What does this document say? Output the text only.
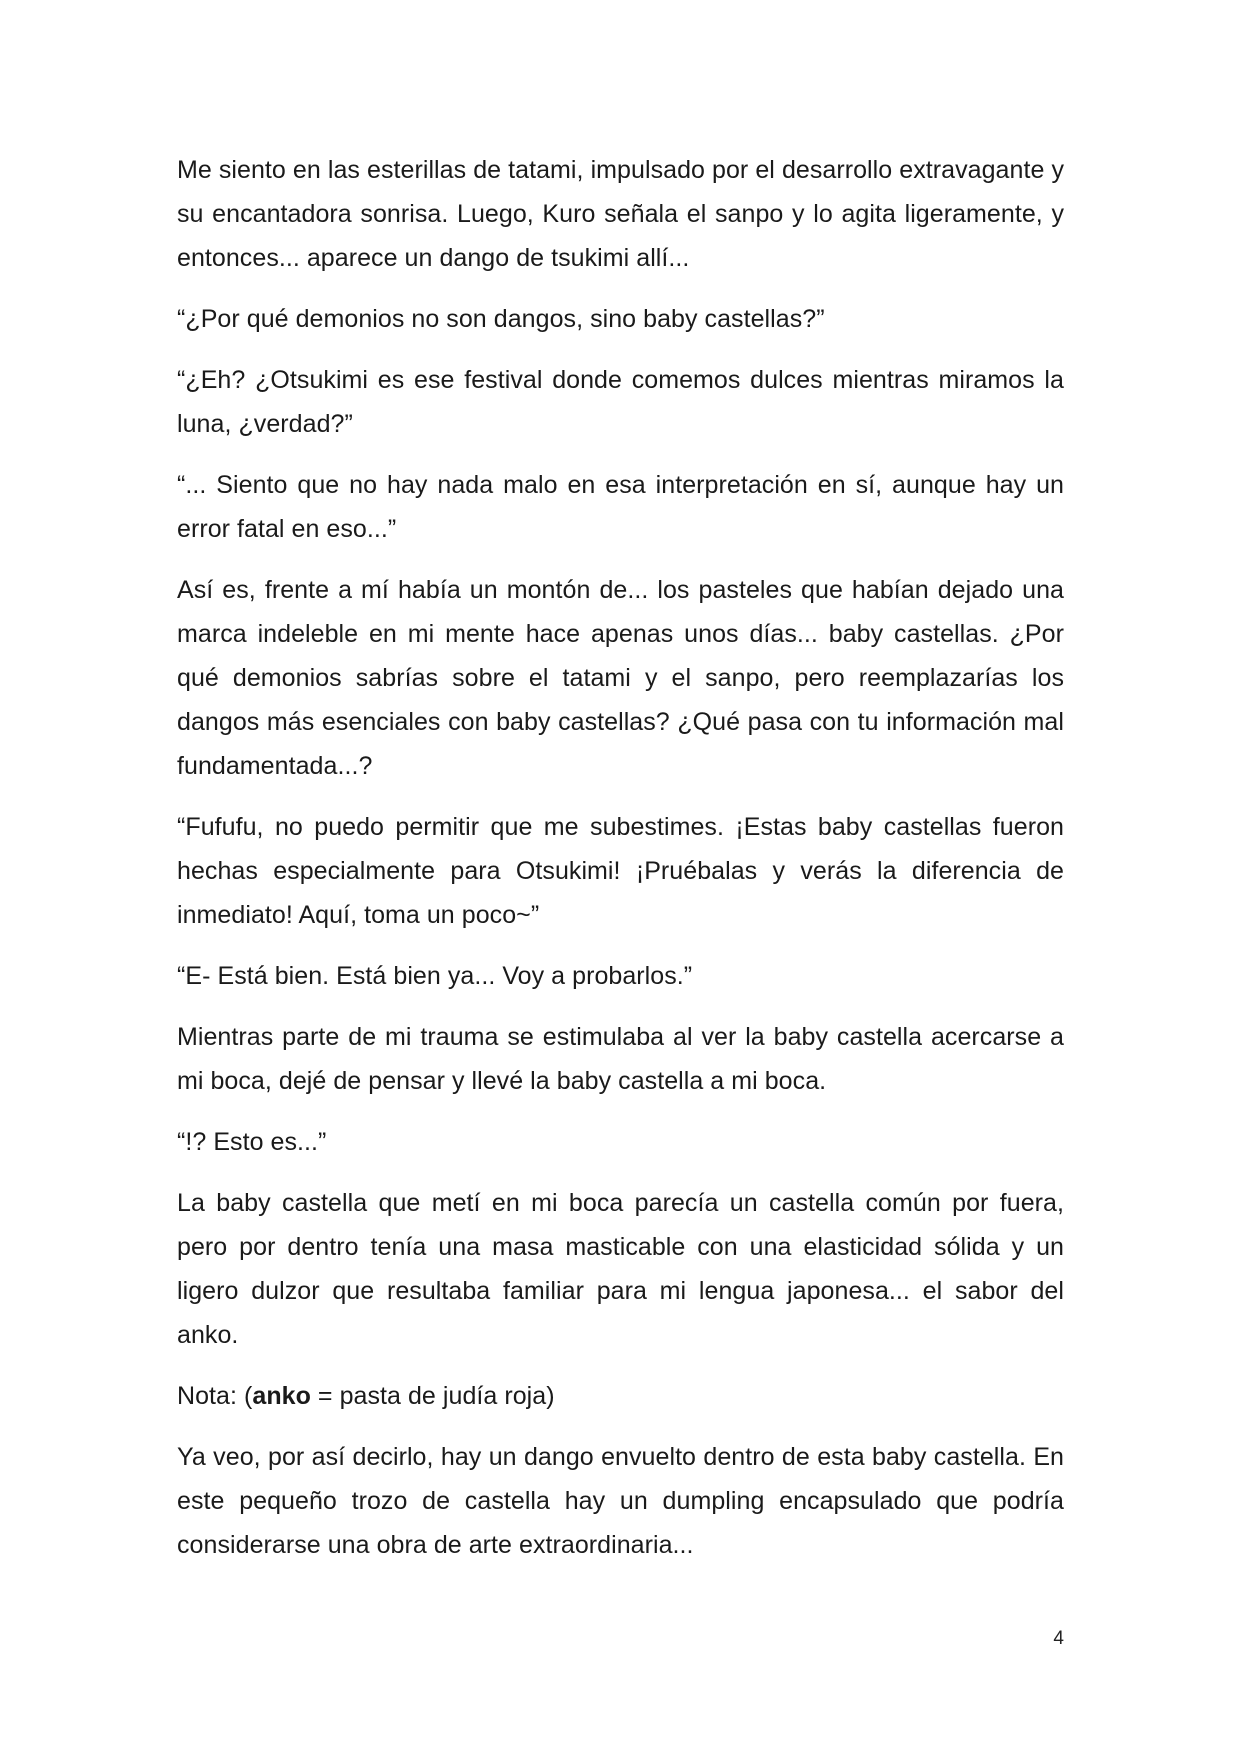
Me siento en las esterillas de tatami, impulsado por el desarrollo extravagante y su encantadora sonrisa. Luego, Kuro señala el sanpo y lo agita ligeramente, y entonces... aparece un dango de tsukimi allí...

“¿Por qué demonios no son dangos, sino baby castellas?”

“¿Eh? ¿Otsukimi es ese festival donde comemos dulces mientras miramos la luna, ¿verdad?”

“... Siento que no hay nada malo en esa interpretación en sí, aunque hay un error fatal en eso...”

Así es, frente a mí había un montón de... los pasteles que habían dejado una marca indeleble en mi mente hace apenas unos días... baby castellas. ¿Por qué demonios sabrías sobre el tatami y el sanpo, pero reemplazarías los dangos más esenciales con baby castellas? ¿Qué pasa con tu información mal fundamentada...?

“Fufufu, no puedo permitir que me subestimes. ¡Estas baby castellas fueron hechas especialmente para Otsukimi! ¡Pruébalas y verás la diferencia de inmediato! Aquí, toma un poco~”

“E- Está bien. Está bien ya... Voy a probarlos.”

Mientras parte de mi trauma se estimulaba al ver la baby castella acercarse a mi boca, dejé de pensar y llevé la baby castella a mi boca.

“!? Esto es...”

La baby castella que metí en mi boca parecía un castella común por fuera, pero por dentro tenía una masa masticable con una elasticidad sólida y un ligero dulzor que resultaba familiar para mi lengua japonesa... el sabor del anko.

Nota: (anko = pasta de judía roja)

Ya veo, por así decirlo, hay un dango envuelto dentro de esta baby castella. En este pequeño trozo de castella hay un dumpling encapsulado que podría considerarse una obra de arte extraordinaria...

4
